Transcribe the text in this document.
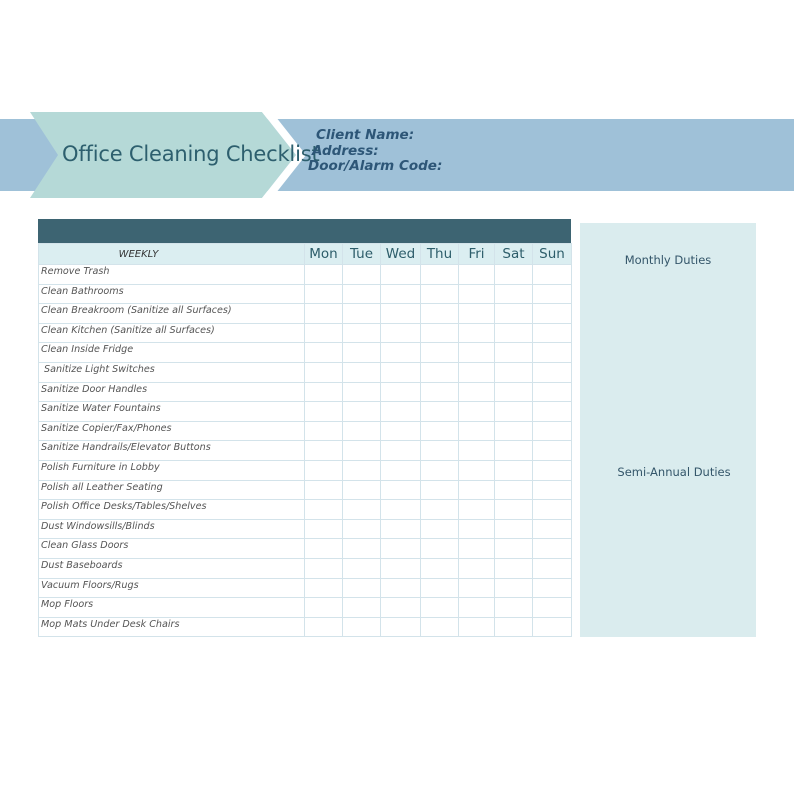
Office Cleaning Checklist
Client Name:
Address:
Door/Alarm Code:
WEEKLY	Mon	Tue	Wed	Thu	Fri	Sat	Sun
Remove Trash							
Clean Bathrooms							
Clean Breakroom (Sanitize all Surfaces)							
Clean Kitchen (Sanitize all Surfaces)							
Clean Inside Fridge							
Sanitize Light Switches							
Sanitize Door Handles							
Sanitize Water Fountains							
Sanitize Copier/Fax/Phones							
Sanitize Handrails/Elevator Buttons							
Polish Furniture in Lobby							
Polish all Leather Seating							
Polish Office Desks/Tables/Shelves							
Dust Windowsills/Blinds							
Clean Glass Doors							
Dust Baseboards							
Vacuum Floors/Rugs							
Mop Floors							
Mop Mats Under Desk Chairs							
Monthly Duties
Semi-Annual Duties
